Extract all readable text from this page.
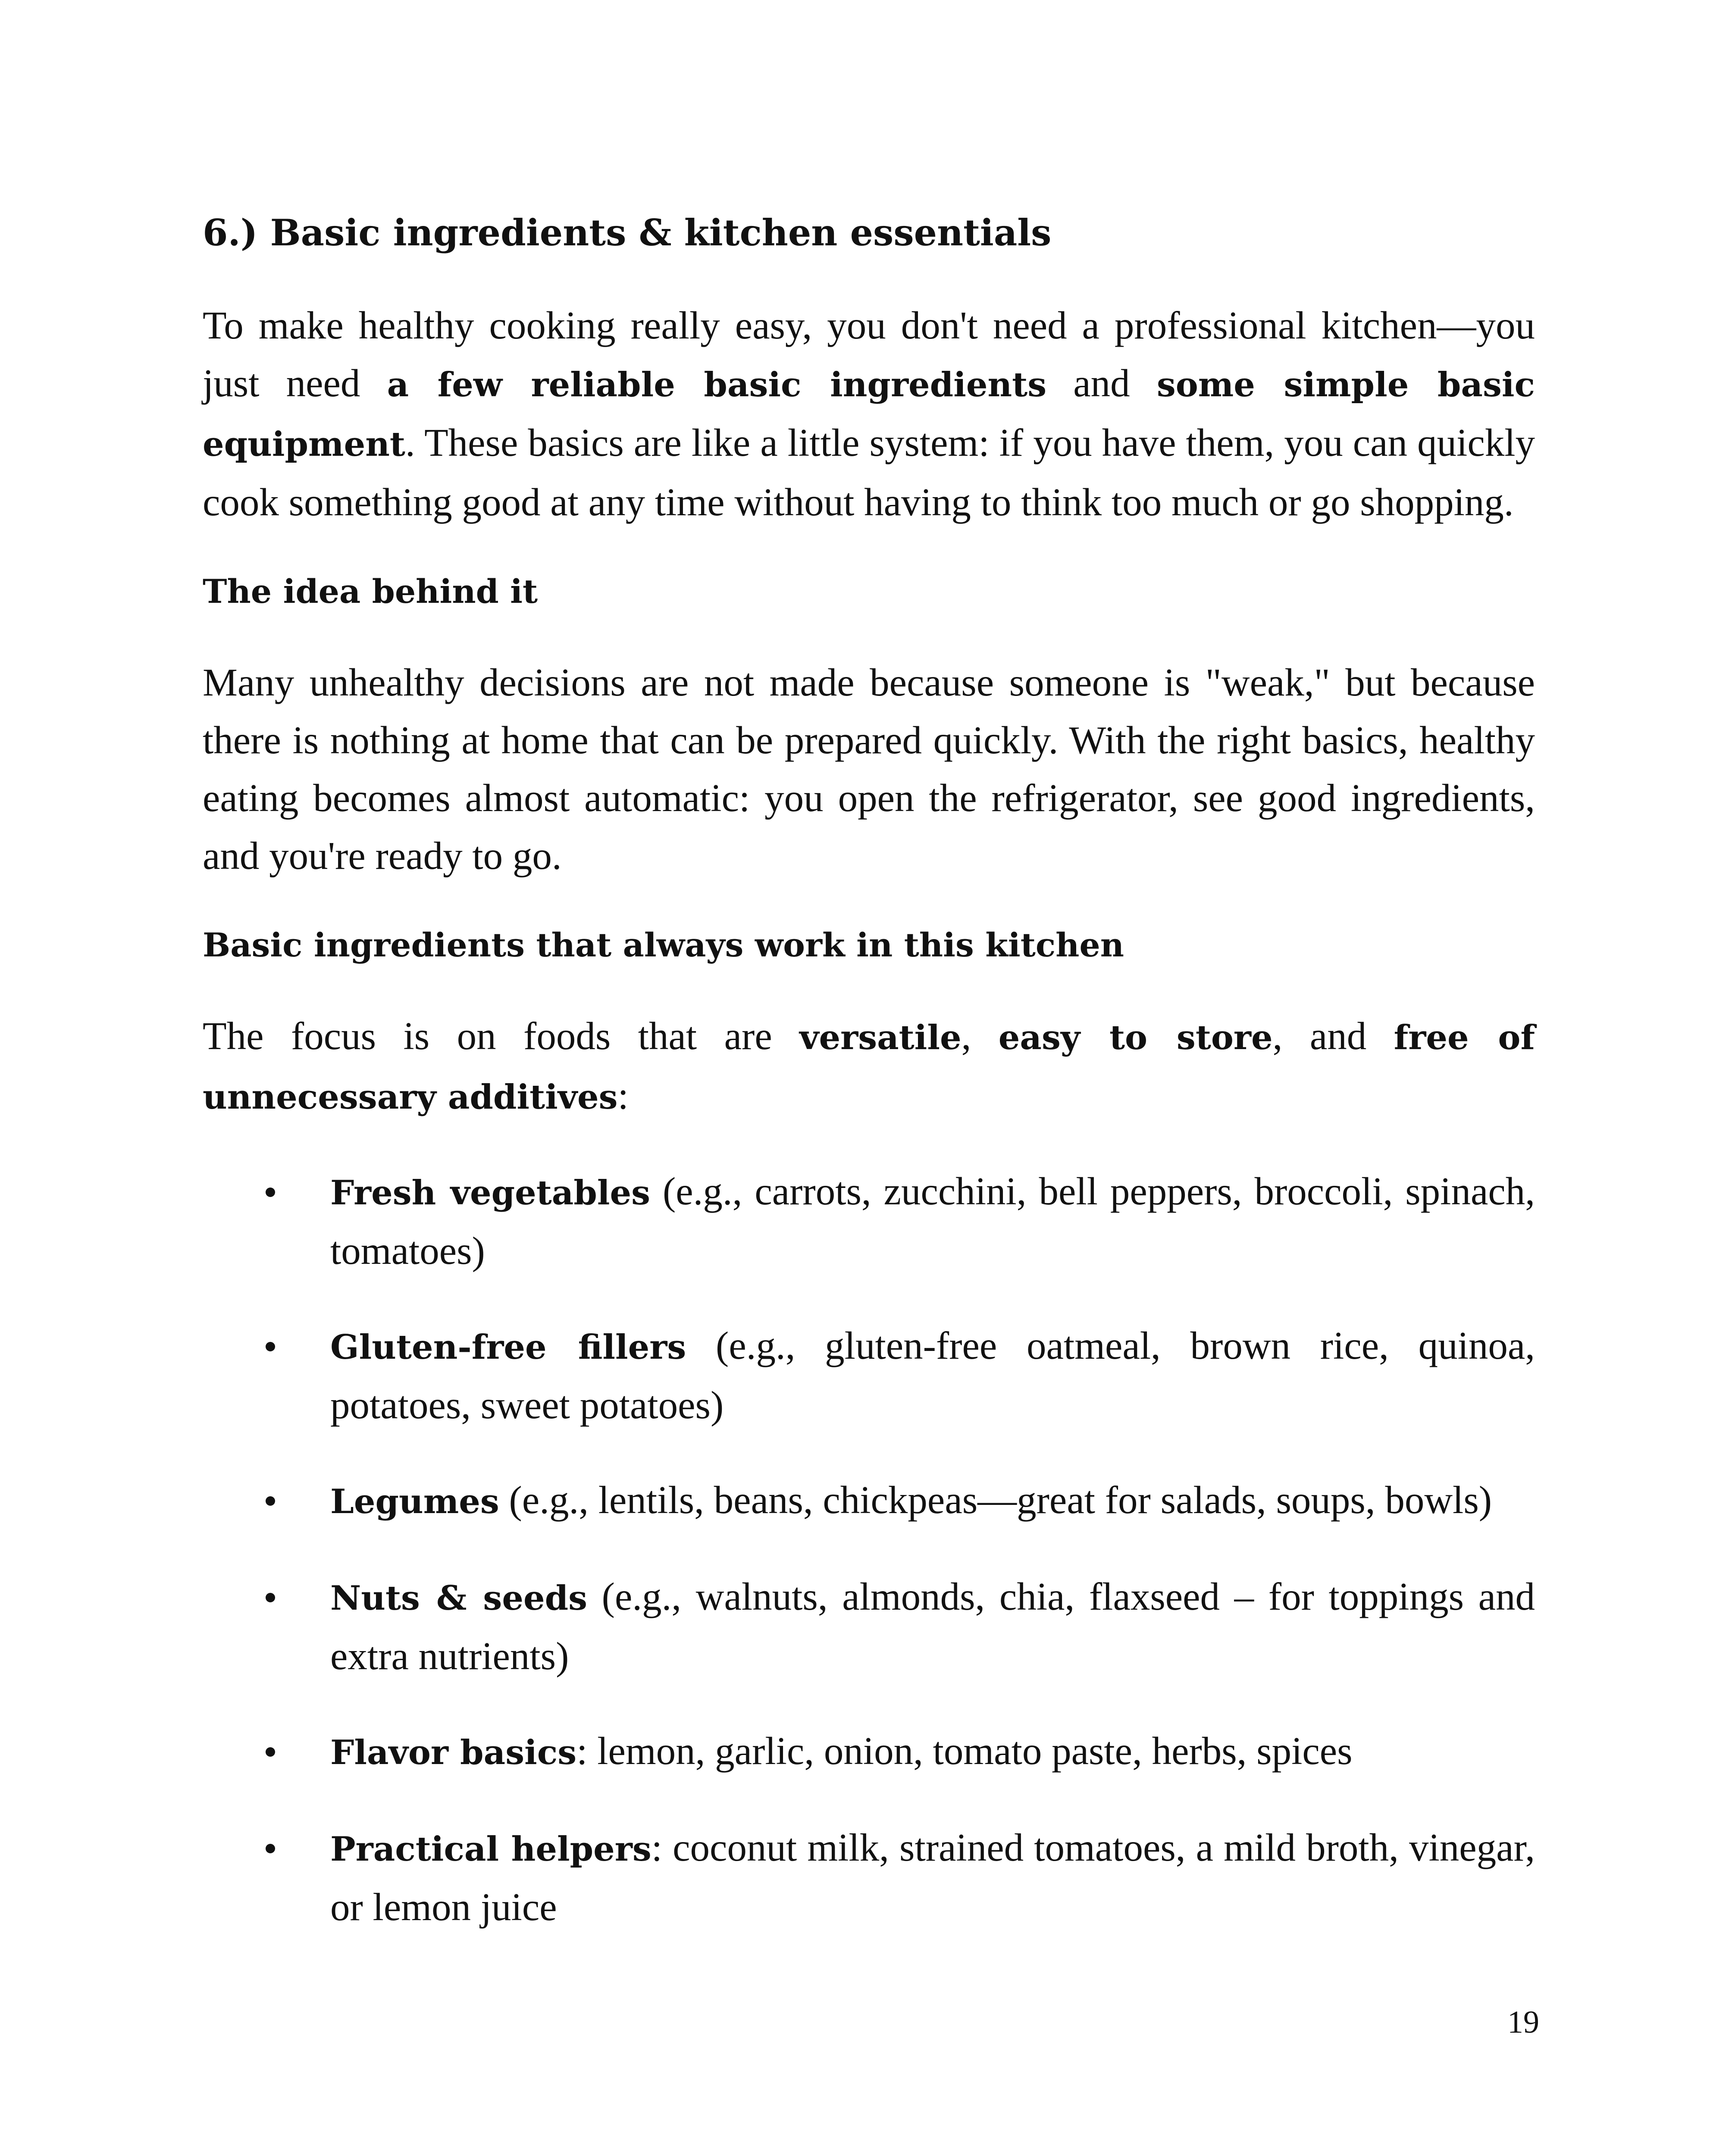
6.) Basic ingredients & kitchen essentials

To make healthy cooking really easy, you don't need a professional kitchen—you just need a few reliable basic ingredients and some simple basic equipment. These basics are like a little system: if you have them, you can quickly cook something good at any time without having to think too much or go shopping.

The idea behind it

Many unhealthy decisions are not made because someone is "weak," but because there is nothing at home that can be prepared quickly. With the right basics, healthy eating becomes almost automatic: you open the refrigerator, see good ingredients, and you're ready to go.

Basic ingredients that always work in this kitchen

The focus is on foods that are versatile, easy to store, and free of unnecessary additives:

Fresh vegetables (e.g., carrots, zucchini, bell peppers, broccoli, spinach, tomatoes)

Gluten-free fillers (e.g., gluten-free oatmeal, brown rice, quinoa, potatoes, sweet potatoes)

Legumes (e.g., lentils, beans, chickpeas—great for salads, soups, bowls)

Nuts & seeds (e.g., walnuts, almonds, chia, flaxseed – for toppings and extra nutrients)

Flavor basics: lemon, garlic, onion, tomato paste, herbs, spices

Practical helpers: coconut milk, strained tomatoes, a mild broth, vinegar, or lemon juice

19
